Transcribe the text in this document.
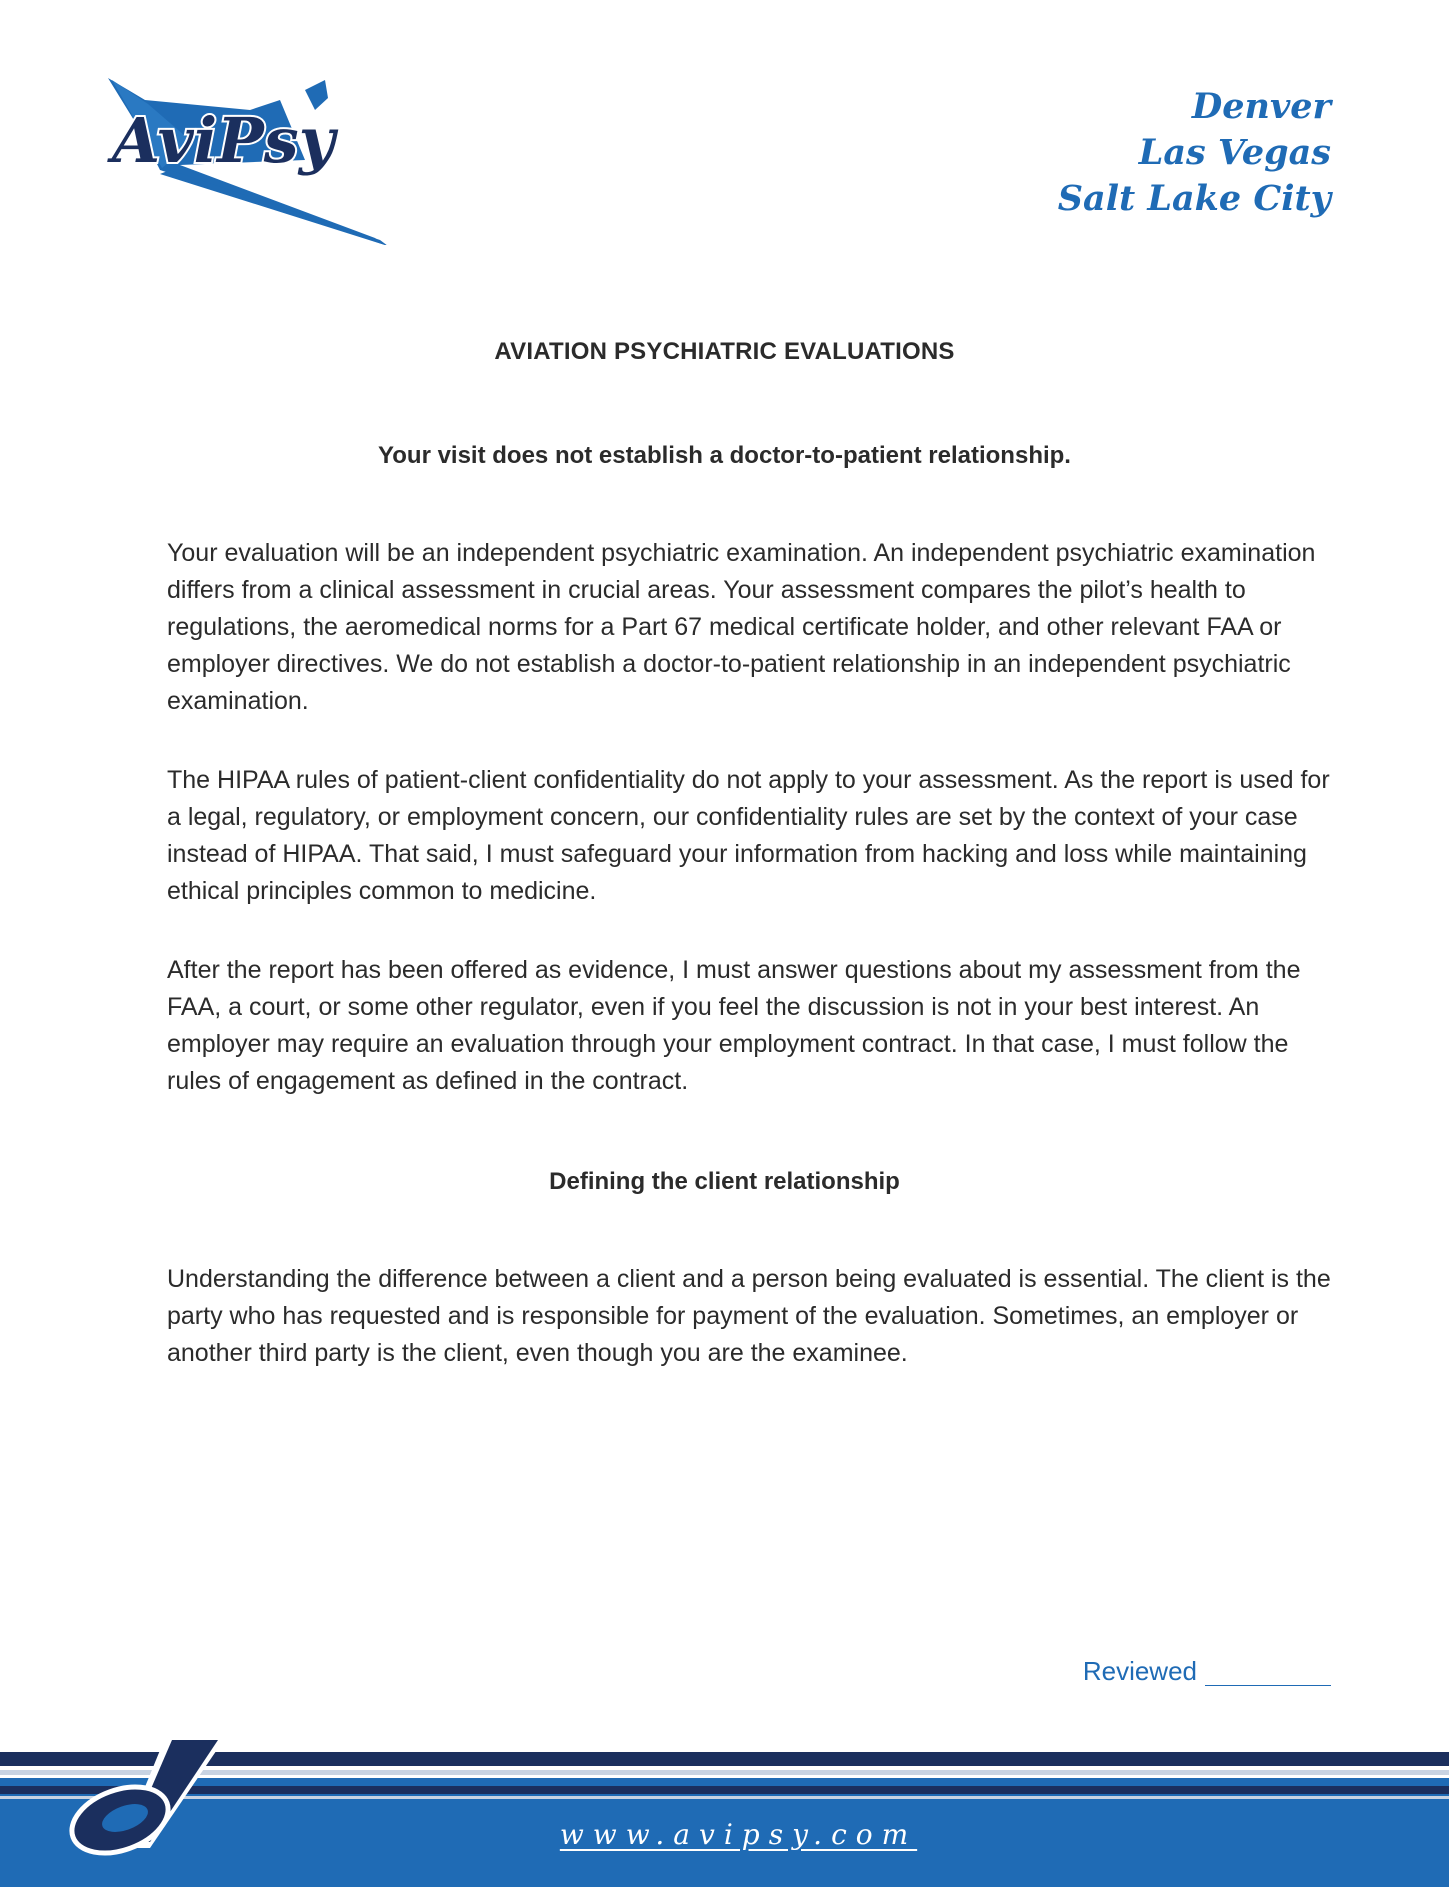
AviPsy	Denver
Las Vegas
Salt Lake City
AVIATION PSYCHIATRIC EVALUATIONS
Your visit does not establish a doctor-to-patient relationship.

Your evaluation will be an independent psychiatric examination. An independent psychiatric examination differs from a clinical assessment in crucial areas. Your assessment compares the pilot’s health to regulations, the aeromedical norms for a Part 67 medical certificate holder, and other relevant FAA or employer directives. We do not establish a doctor-to-patient relationship in an independent psychiatric examination.

The HIPAA rules of patient-client confidentiality do not apply to your assessment. As the report is used for a legal, regulatory, or employment concern, our confidentiality rules are set by the context of your case instead of HIPAA. That said, I must safeguard your information from hacking and loss while maintaining ethical principles common to medicine.

After the report has been offered as evidence, I must answer questions about my assessment from the FAA, a court, or some other regulator, even if you feel the discussion is not in your best interest. An employer may require an evaluation through your employment contract. In that case, I must follow the rules of engagement as defined in the contract.

Defining the client relationship

Understanding the difference between a client and a person being evaluated is essential. The client is the party who has requested and is responsible for payment of the evaluation. Sometimes, an employer or another third party is the client, even though you are the examinee.

Reviewed
www.avipsy.com
